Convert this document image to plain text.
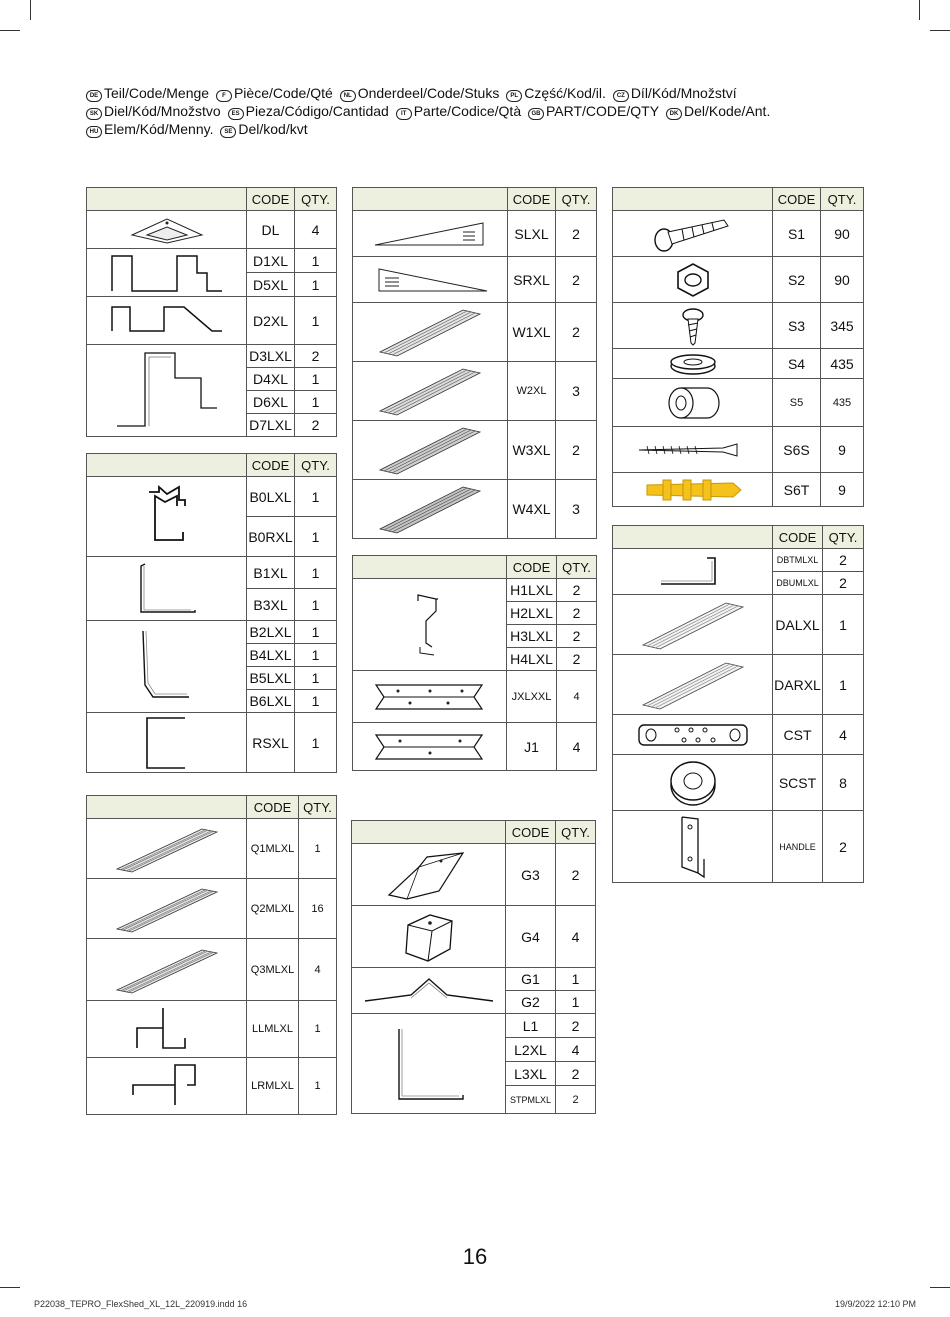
DE Teil/Code/Menge F Pièce/Code/Qté NL Onderdeel/Code/Stuks PL Część/Kod/il. CZ Díl/Kód/Množství
SK Diel/Kód/Množstvo ES Pieza/Código/Cantidad IT Parte/Codice/Qtà GB PART/CODE/QTY DK Del/Kode/Ant.
HU Elem/Kód/Menny. SE Del/kod/kvt
	CODE	QTY.

	DL	4

	D1XL	1
	D5XL	1

	D2XL	1

	D3LXL	2
	D4XL	1
	D6XL	1
	D7LXL	2
	CODE	QTY.

	B0LXL	1
	B0RXL	1

	B1XL	1
	B3XL	1

	B2LXL	1
	B4LXL	1
	B5LXL	1
	B6LXL	1

	RSXL	1
	CODE	QTY.

	Q1MLXL	1

	Q2MLXL	16

	Q3MLXL	4

	LLMLXL	1

	LRMLXL	1
	CODE	QTY.

	SLXL	2

	SRXL	2

	W1XL	2

	W2XL	3

	W3XL	2

	W4XL	3
	CODE	QTY.

	H1LXL	2
	H2LXL	2
	H3LXL	2
	H4LXL	2

	JXLXXL	4

	J1	4
	CODE	QTY.

	G3	2

	G4	4

	G1	1
	G2	1

	L1	2
	L2XL	4
	L3XL	2
	STPMLXL	2
	CODE	QTY.

	S1	90

	S2	90

	S3	345

	S4	435

	S5	435

	S6S	9

	S6T	9
	CODE	QTY.

	DBTMLXL	2
	DBUMLXL	2

	DALXL	1

	DARXL	1

	CST	4

	SCST	8

	HANDLE	2
16
P22038_TEPRO_FlexShed_XL_12L_220919.indd 16	19/9/2022 12:10 PM
